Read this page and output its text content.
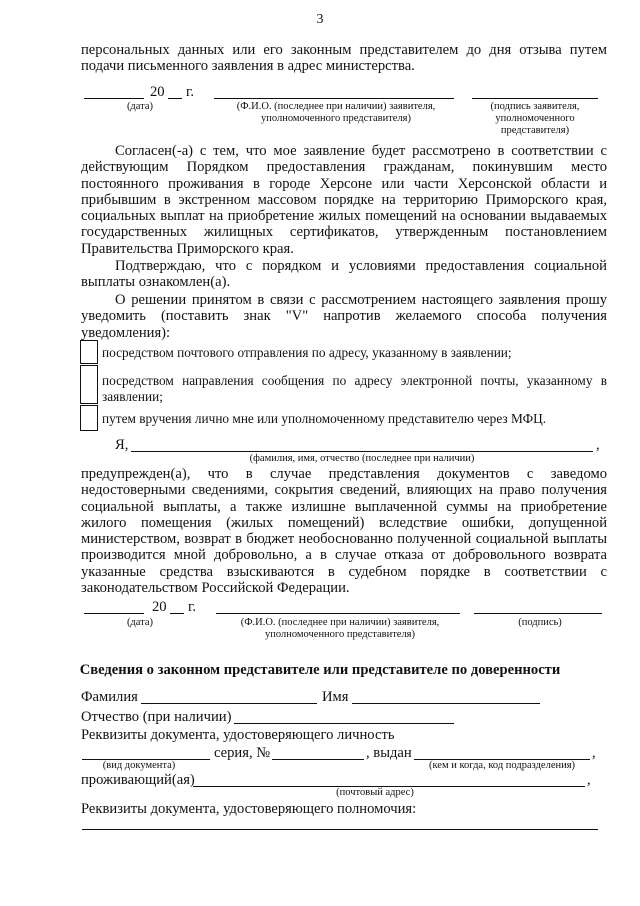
3
персональных данных или его законным представителем до дня отзыва путем подачи письменного заявления в адрес министерства.
20 г.
(дата)	(Ф.И.О. (последнее при наличии) заявителя, уполномоченного представителя)
(подпись заявителя, уполномоченного представителя)
Согласен(-а) с тем, что мое заявление будет рассмотрено в соответствии с действующим Порядком предоставления гражданам, покинувшим место постоянного проживания в городе Херсоне или части Херсонской области и прибывшим в экстренном массовом порядке на территорию Приморского края, социальных выплат на приобретение жилых помещений на основании выдаваемых государственных жилищных сертификатов, утвержденным постановлением Правительства Приморского края.
Подтверждаю, что с порядком и условиями предоставления социальной выплаты ознакомлен(а).
О решении принятом в связи с рассмотрением настоящего заявления прошу уведомить (поставить знак "V" напротив желаемого способа получения уведомления):
посредством почтового отправления по адресу, указанному в заявлении;
посредством направления сообщения по адресу электронной почты, указанному в заявлении;
путем вручения лично мне или уполномоченному представителю через МФЦ.
Я,	,
(фамилия, имя, отчество (последнее при наличии)
предупрежден(а), что в случае представления документов с заведомо недостоверными сведениями, сокрытия сведений, влияющих на право получения социальной выплаты, а также излишне выплаченной суммы на приобретение жилого помещения (жилых помещений) вследствие ошибки, допущенной министерством, возврат в бюджет необоснованно полученной социальной выплаты производится мной добровольно, а в случае отказа от добровольного возврата указанные средства взыскиваются в судебном порядке в соответствии с законодательством Российской Федерации.
20 г.
(дата)	(Ф.И.О. (последнее при наличии) заявителя, уполномоченного представителя)
(подпись)
Сведения о законном представителе или представителе по доверенности
Фамилия	Имя
Отчество (при наличии)
Реквизиты документа, удостоверяющего личность
серия, №	, выдан	,
(вид документа)	(кем и когда, код подразделения)
проживающий(ая)	,
(почтовый адрес)
Реквизиты документа, удостоверяющего полномочия:
